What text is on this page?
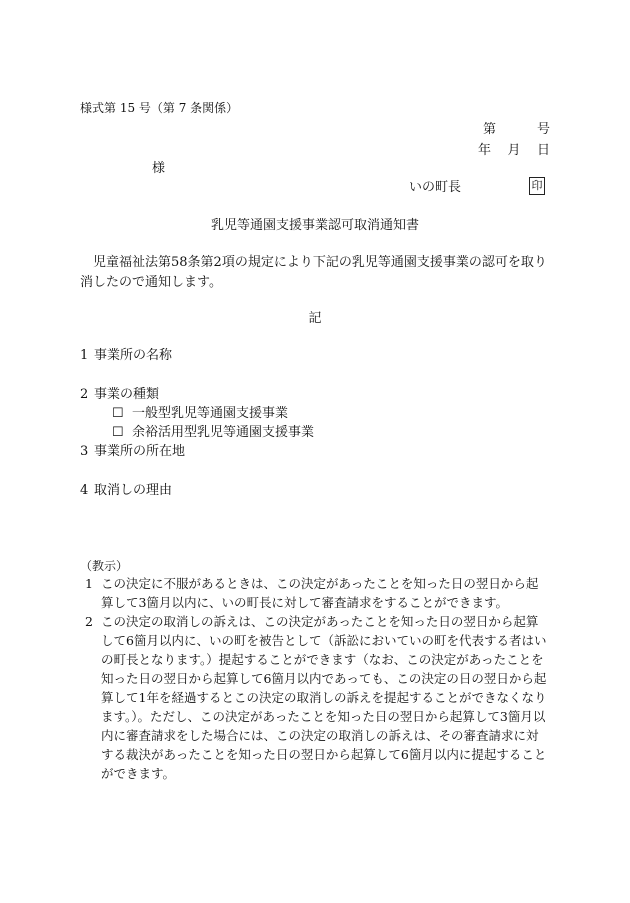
様式第 15 号（第 7 条関係）
第	号
年 月 日
様
いの町長	印
乳児等通園支援事業認可取消通知書
児童福祉法第58条第2項の規定により下記の乳児等通園支援事業の認可を取り消したので通知します。
記
1 事業所の名称
2 事業の種類
☐ 一般型乳児等通園支援事業
☐ 余裕活用型乳児等通園支援事業
3 事業所の所在地
4 取消しの理由
（教示）
1 この決定に不服があるときは、この決定があったことを知った日の翌日から起算して3箇月以内に、いの町長に対して審査請求をすることができます。
2 この決定の取消しの訴えは、この決定があったことを知った日の翌日から起算して6箇月以内に、いの町を被告として（訴訟においていの町を代表する者はいの町長となります。）提起することができます（なお、この決定があったことを知った日の翌日から起算して6箇月以内であっても、この決定の日の翌日から起算して1年を経過するとこの決定の取消しの訴えを提起することができなくなります。）。ただし、この決定があったことを知った日の翌日から起算して3箇月以内に審査請求をした場合には、この決定の取消しの訴えは、その審査請求に対する裁決があったことを知った日の翌日から起算して6箇月以内に提起することができます。
